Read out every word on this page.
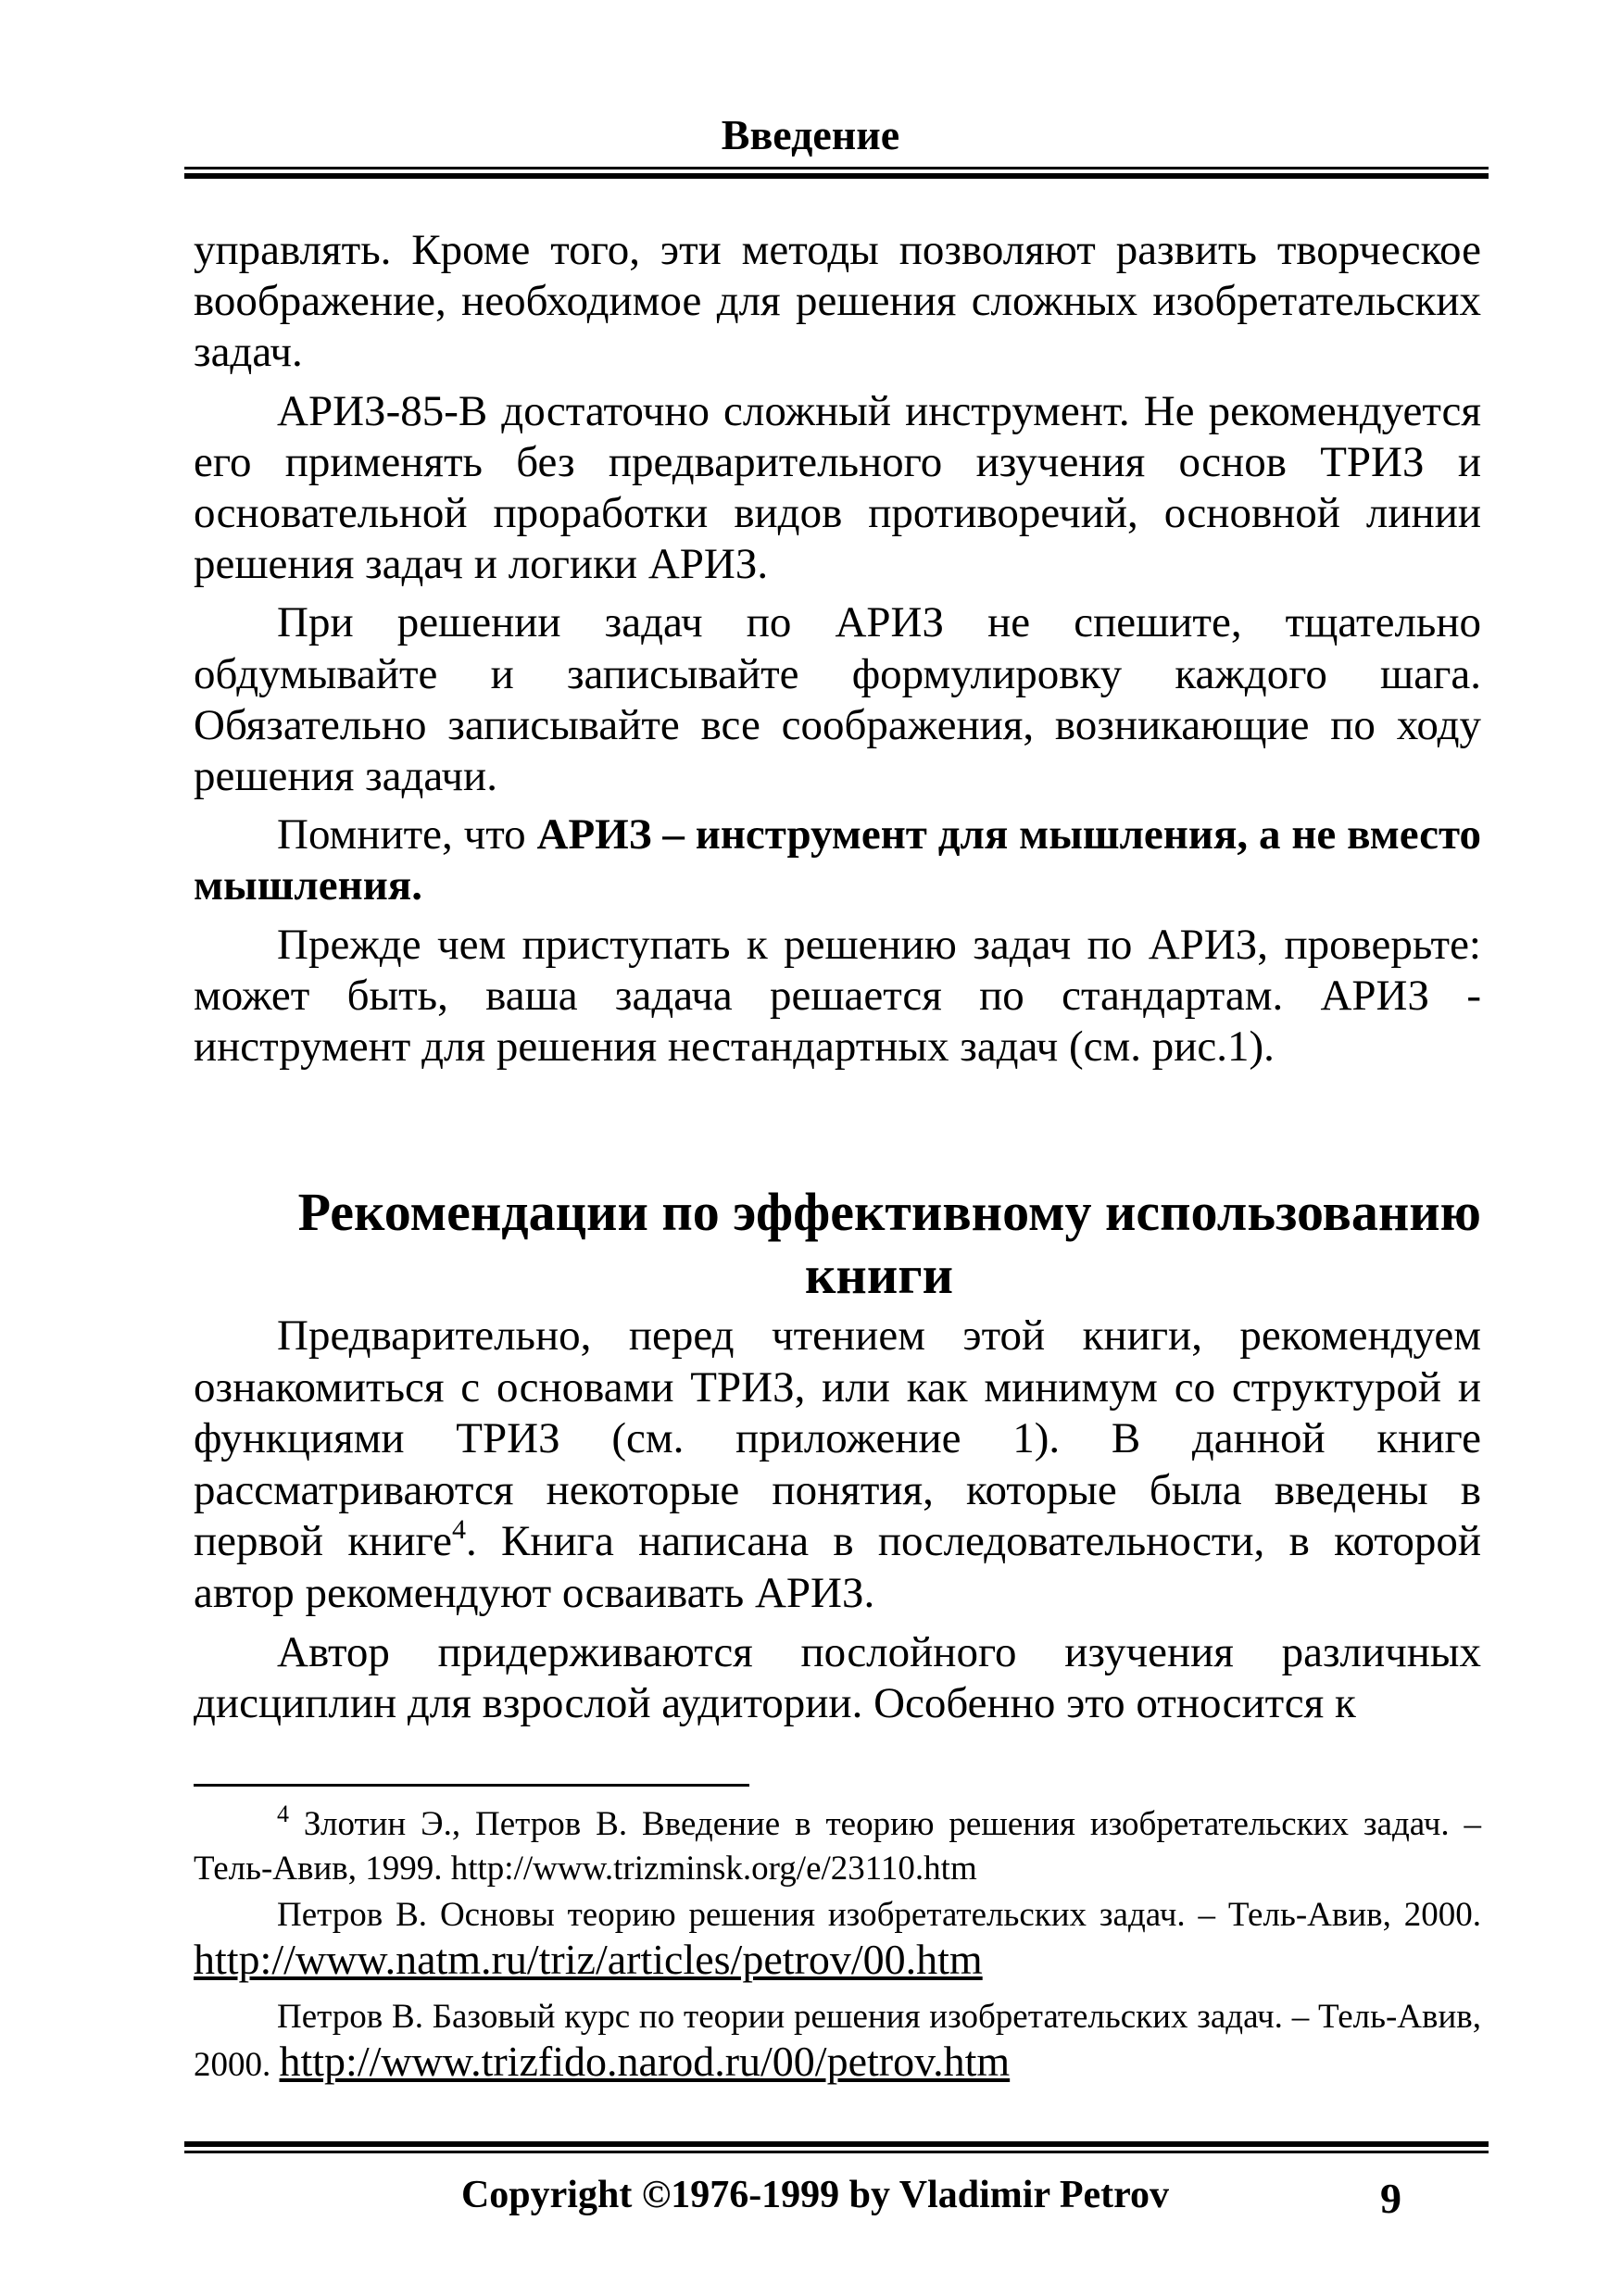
Введение

управлять. Кроме того, эти методы позволяют развить творческое воображение, необходимое для решения сложных изобретательских задач.

АРИЗ-85-В достаточно сложный инструмент. Не рекомендуется его применять без предварительного изучения основ ТРИЗ и основательной проработки видов противоречий, основной линии решения задач и логики АРИЗ.

При решении задач по АРИЗ не спешите, тщательно обдумывайте и записывайте формулировку каждого шага. Обязательно записывайте все соображения, возникающие по ходу решения задачи.

Помните, что АРИЗ – инструмент для мышления, а не вместо мышления.

Прежде чем приступать к решению задач по АРИЗ, проверьте: может быть, ваша задача решается по стандартам. АРИЗ - инструмент для решения нестандартных задач (см. рис.1).

Рекомендации по эффективному использованию
книги

Предварительно, перед чтением этой книги, рекомендуем ознакомиться с основами ТРИЗ, или как минимум со структурой и функциями ТРИЗ (см. приложение 1). В данной книге рассматриваются некоторые понятия, которые была введены в первой книге$^4$. Книга написана в последовательности, в которой автор рекомендуют осваивать АРИЗ.

Автор придерживаются послойного изучения различных дисциплин для взрослой аудитории. Особенно это относится к

$^4$ Злотин Э., Петров В. Введение в теорию решения изобретательских задач. – Тель-Авив, 1999. http://www.trizminsk.org/e/23110.htm

Петров В. Основы теорию решения изобретательских задач. – Тель-Авив, 2000. http://www.natm.ru/triz/articles/petrov/00.htm

Петров В. Базовый курс по теории решения изобретательских задач. – Тель-Авив, 2000. http://www.trizfido.narod.ru/00/petrov.htm

Copyright ©1976-1999 by Vladimir Petrov	9
